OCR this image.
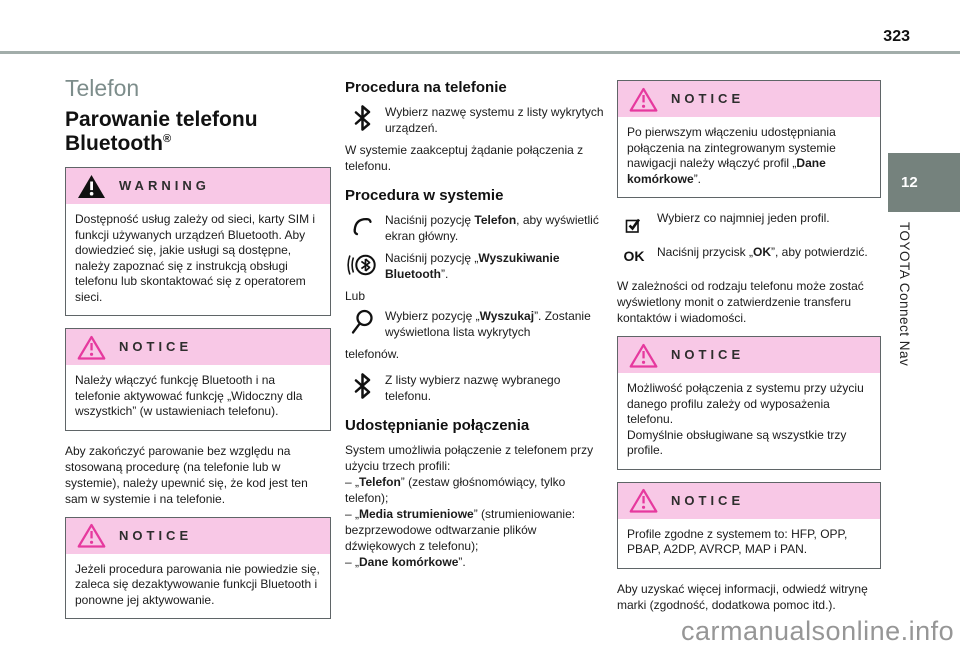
323
12
TOYOTA Connect Nav
carmanualsonline.info
Telefon
Parowanie telefonu Bluetooth®
WARNING
Dostępność usług zależy od sieci, karty SIM i funkcji używanych urządzeń Bluetooth. Aby dowiedzieć się, jakie usługi są dostępne, należy zapoznać się z instrukcją obsługi telefonu lub skontaktować się z operatorem sieci.
NOTICE
Należy włączyć funkcję Bluetooth i na telefonie aktywować funkcję „Widoczny dla wszystkich” (w ustawieniach telefonu).

Aby zakończyć parowanie bez względu na stosowaną procedurę (na telefonie lub w systemie), należy upewnić się, że kod jest ten sam w systemie i na telefonie.

NOTICE
Jeżeli procedura parowania nie powiedzie się, zaleca się dezaktywowanie funkcji Bluetooth i ponowne jej aktywowanie.
Procedura na telefonie
Wybierz nazwę systemu z listy wykrytych urządzeń.

W systemie zaakceptuj żądanie połączenia z telefonu.

Procedura w systemie
Naciśnij pozycję Telefon, aby wyświetlić ekran główny.
Naciśnij pozycję „Wyszukiwanie Bluetooth”.

Lub

Wybierz pozycję „Wyszukaj”. Zostanie wyświetlona lista wykrytych

telefonów.

Z listy wybierz nazwę wybranego telefonu.
Udostępnianie połączenia

System umożliwia połączenie z telefonem przy użyciu trzech profili:

– „Telefon” (zestaw głośnomówiący, tylko telefon);

– „Media strumieniowe” (strumieniowanie: bezprzewodowe odtwarzanie plików dźwiękowych z telefonu);

– „Dane komórkowe”.

NOTICE
Po pierwszym włączeniu udostępniania połączenia na zintegrowanym systemie nawigacji należy włączyć profil „Dane komórkowe”.
Wybierz co najmniej jeden profil.
OK	Naciśnij przycisk „OK”, aby potwierdzić.

W zależności od rodzaju telefonu może zostać wyświetlony monit o zatwierdzenie transferu kontaktów i wiadomości.

NOTICE
Możliwość połączenia z systemu przy użyciu danego profilu zależy od wyposażenia telefonu.
Domyślnie obsługiwane są wszystkie trzy profile.
NOTICE
Profile zgodne z systemem to: HFP, OPP, PBAP, A2DP, AVRCP, MAP i PAN.

Aby uzyskać więcej informacji, odwiedź witrynę marki (zgodność, dodatkowa pomoc itd.).
